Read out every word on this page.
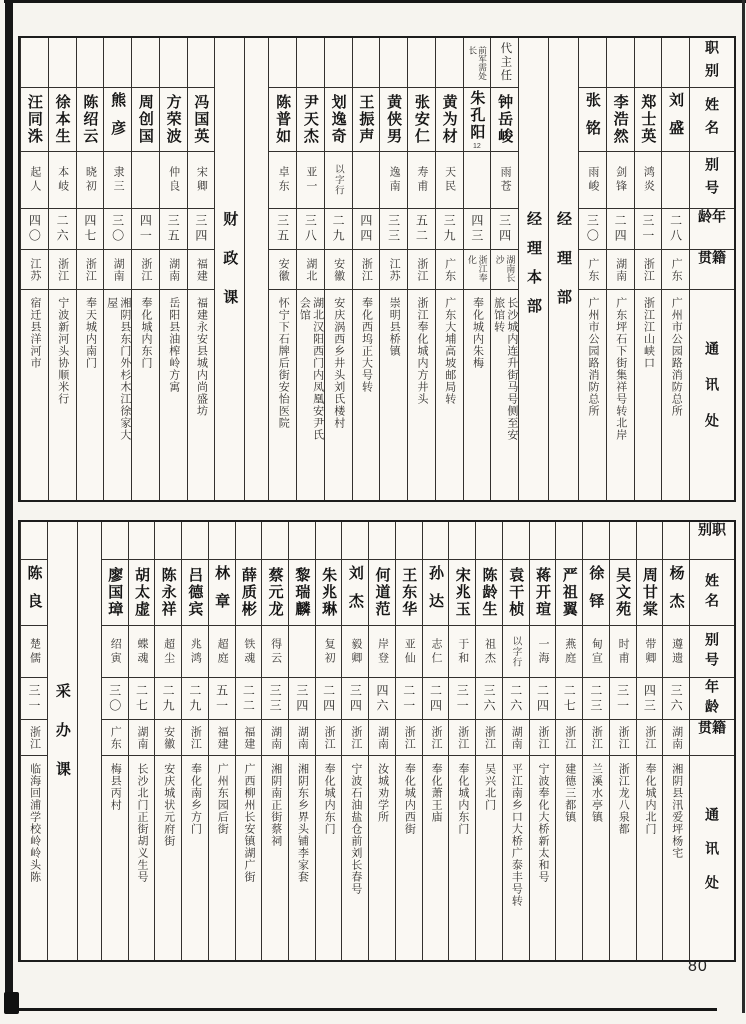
职别
姓名
别号
年龄
籍贯
通讯处
刘盛
二八
广东
广州市公园路消防总所
郑士英
鸿炎
三一
浙江
浙江江山峡口
李浩然
剑锋
二四
湖南
广东坪石下街集祥号转北岸
张铭
雨峻
三〇
广东
广州市公园路消防总所
经理部
经理本部
代主任
钟岳峻
雨苍
三四
湖南长沙
长沙城内连升街马号侧至安旅馆转
前军需处长
朱孔阳
12
四三
浙江奉化
奉化城内朱梅
黄为材
天民
三九
广东
广东大埔高坡邮局转
张安仁
寿甫
五二
浙江
浙江奉化城内方井头
黄侠男
逸南
三三
江苏
崇明县桥镇
王振声
四四
浙江
奉化西坞正大号转
划逸奇
以字行
二九
安徽
安庆涡西乡井头刘氏楼村
尹天杰
亚一
三八
湖北
湖北汉阳西门内凤凰安尹氏会馆
陈普如
卓东
三五
安徽
怀宁下石牌后街安怡医院
财政课
冯国英
宋卿
三四
福建
福建永安县城内尚盛坊
方荣波
仲良
三五
湖南
岳阳县油榨岭方寓
周创国
四一
浙江
奉化城内东门
熊彦
隶三
三〇
湖南
湘阴县东门外杉木江徐家大屋
陈绍云
晓初
四七
浙江
奉天城内南门
徐本生
本岐
二六
浙江
宁波新河头协顺米行
汪同洙
起人
四〇
江苏
宿迁县洋河市
职别
姓名
别号
年龄
籍贯
通讯处
杨杰
遵遗
三六
湖南
湘阴县汛爱坪杨宅
周甘棠
带卿
四三
浙江
奉化城内北门
吴文苑
时甫
三一
浙江
浙江龙八泉都
徐铎
甸宣
二三
浙江
兰溪水亭镇
严祖翼
燕庭
二七
浙江
建德三都镇
蒋开瑄
一海
二四
浙江
宁波奉化大桥新太和号
袁干桢
以字行
二六
湖南
平江南乡口大桥广泰丰号转
陈龄生
祖杰
三六
浙江
吴兴北门
宋兆玉
于和
三一
浙江
奉化城内东门
孙达
志仁
二四
浙江
奉化萧王庙
王东华
亚仙
二一
浙江
奉化城内西街
何道范
岸登
四六
湖南
汝城劝学所
刘杰
毅卿
三四
浙江
宁波石油盐仓前刘长春号
朱兆琳
复初
二四
浙江
奉化城内东门
黎瑞麟
三四
湖南
湘阴东乡界头铺李家套
蔡元龙
得云
三三
湖南
湘阴南正街蔡祠
薛质彬
铁魂
二二
福建
广西柳州长安镇湖广街
林章
超庭
五一
福建
广州东园后街
吕德宾
兆鸿
二九
浙江
奉化南乡方门
陈永祥
超尘
二九
安徽
安庆城状元府街
胡太虚
蝶魂
二七
湖南
长沙北门正街胡义生号
廖国璋
绍寅
三〇
广东
梅县丙村
采办课
陈良
楚儒
三一
浙江
临海回浦学校岭岭头陈
80
